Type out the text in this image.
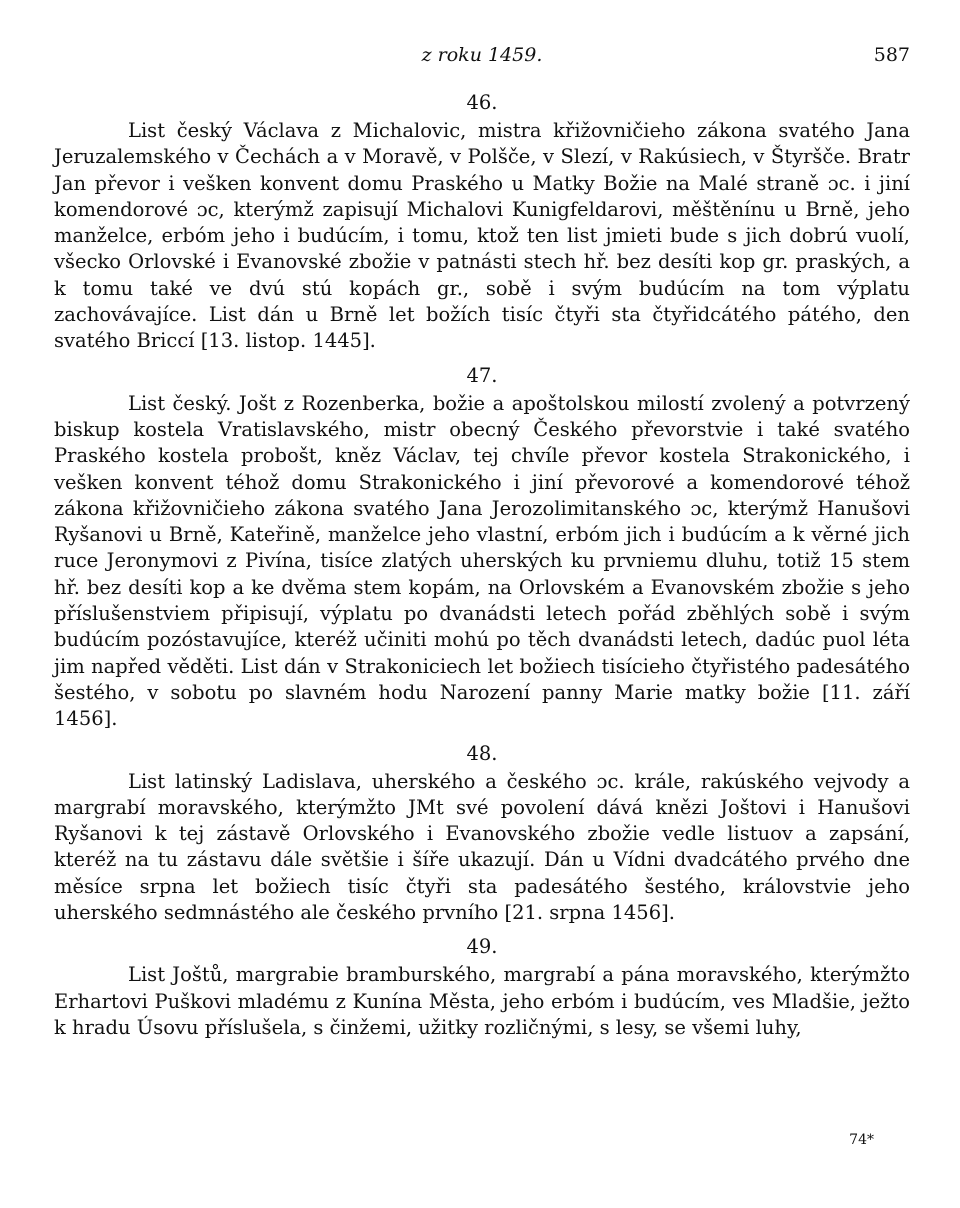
z roku 1459.	587

46.

List český Václava z Michalovic, mistra křižovničieho zákona svatého Jana Jeruzalemského v Čechách a v Moravě, v Polšče, v Slezí, v Rakúsiech, v Štyršče. Bratr Jan převor i vešken konvent domu Praského u Matky Božie na Malé straně ɔc. i jiní komendorové ɔc, kterýmž zapisují Michalovi Kunigfeldarovi, měštěnínu u Brně, jeho manželce, erbóm jeho i budúcím, i tomu, ktož ten list jmieti bude s jich dobrú vuolí, všecko Orlovské i Evanovské zbožie v patnásti stech hř. bez desíti kop gr. praských, a k tomu také ve dvú stú kopách gr., sobě i svým budúcím na tom výplatu zachovávajíce. List dán u Brně let božích tisíc čtyři sta čtyřidcátého pátého, den svatého Briccí [13. listop. 1445].

47.

List český. Jošt z Rozenberka, božie a apoštolskou milostí zvolený a potvrzený biskup kostela Vratislavského, mistr obecný Českého převorstvie i také svatého Praského kostela probošt, kněz Václav, tej chvíle převor kostela Strakonického, i vešken konvent téhož domu Strakonického i jiní převorové a komendorové téhož zákona křižovničieho zákona svatého Jana Jerozolimitanského ɔc, kterýmž Hanušovi Ryšanovi u Brně, Kateřině, manželce jeho vlastní, erbóm jich i budúcím a k věrné jich ruce Jeronymovi z Pivína, tisíce zlatých uherských ku prvniemu dluhu, totiž 15 stem hř. bez desíti kop a ke dvěma stem kopám, na Orlovském a Evanovském zbožie s jeho příslušenstviem připisují, výplatu po dvanádsti letech pořád zběhlých sobě i svým budúcím pozóstavujíce, kteréž učiniti mohú po těch dvanádsti letech, dadúc puol léta jim napřed věděti. List dán v Strakoniciech let božiech tisícieho čtyřistého padesátého šestého, v sobotu po slavném hodu Narození panny Marie matky božie [11. září 1456].

48.

List latinský Ladislava, uherského a českého ɔc. krále, rakúského vejvody a margrabí moravského, kterýmžto JMt své povolení dává knězi Joštovi i Hanušovi Ryšanovi k tej zástavě Orlovského i Evanovského zbožie vedle listuov a zapsání, kteréž na tu zástavu dále světšie i šíře ukazují. Dán u Vídni dvadcátého prvého dne měsíce srpna let božiech tisíc čtyři sta padesátého šestého, královstvie jeho uherského sedmnástého ale českého prvního [21. srpna 1456].

49.

List Joštů, margrabie bramburského, margrabí a pána moravského, kterýmžto Erhartovi Puškovi mladému z Kunína Města, jeho erbóm i budúcím, ves Mladšie, ježto k hradu Úsovu příslušela, s činžemi, užitky rozličnými, s lesy, se všemi luhy,

74*
